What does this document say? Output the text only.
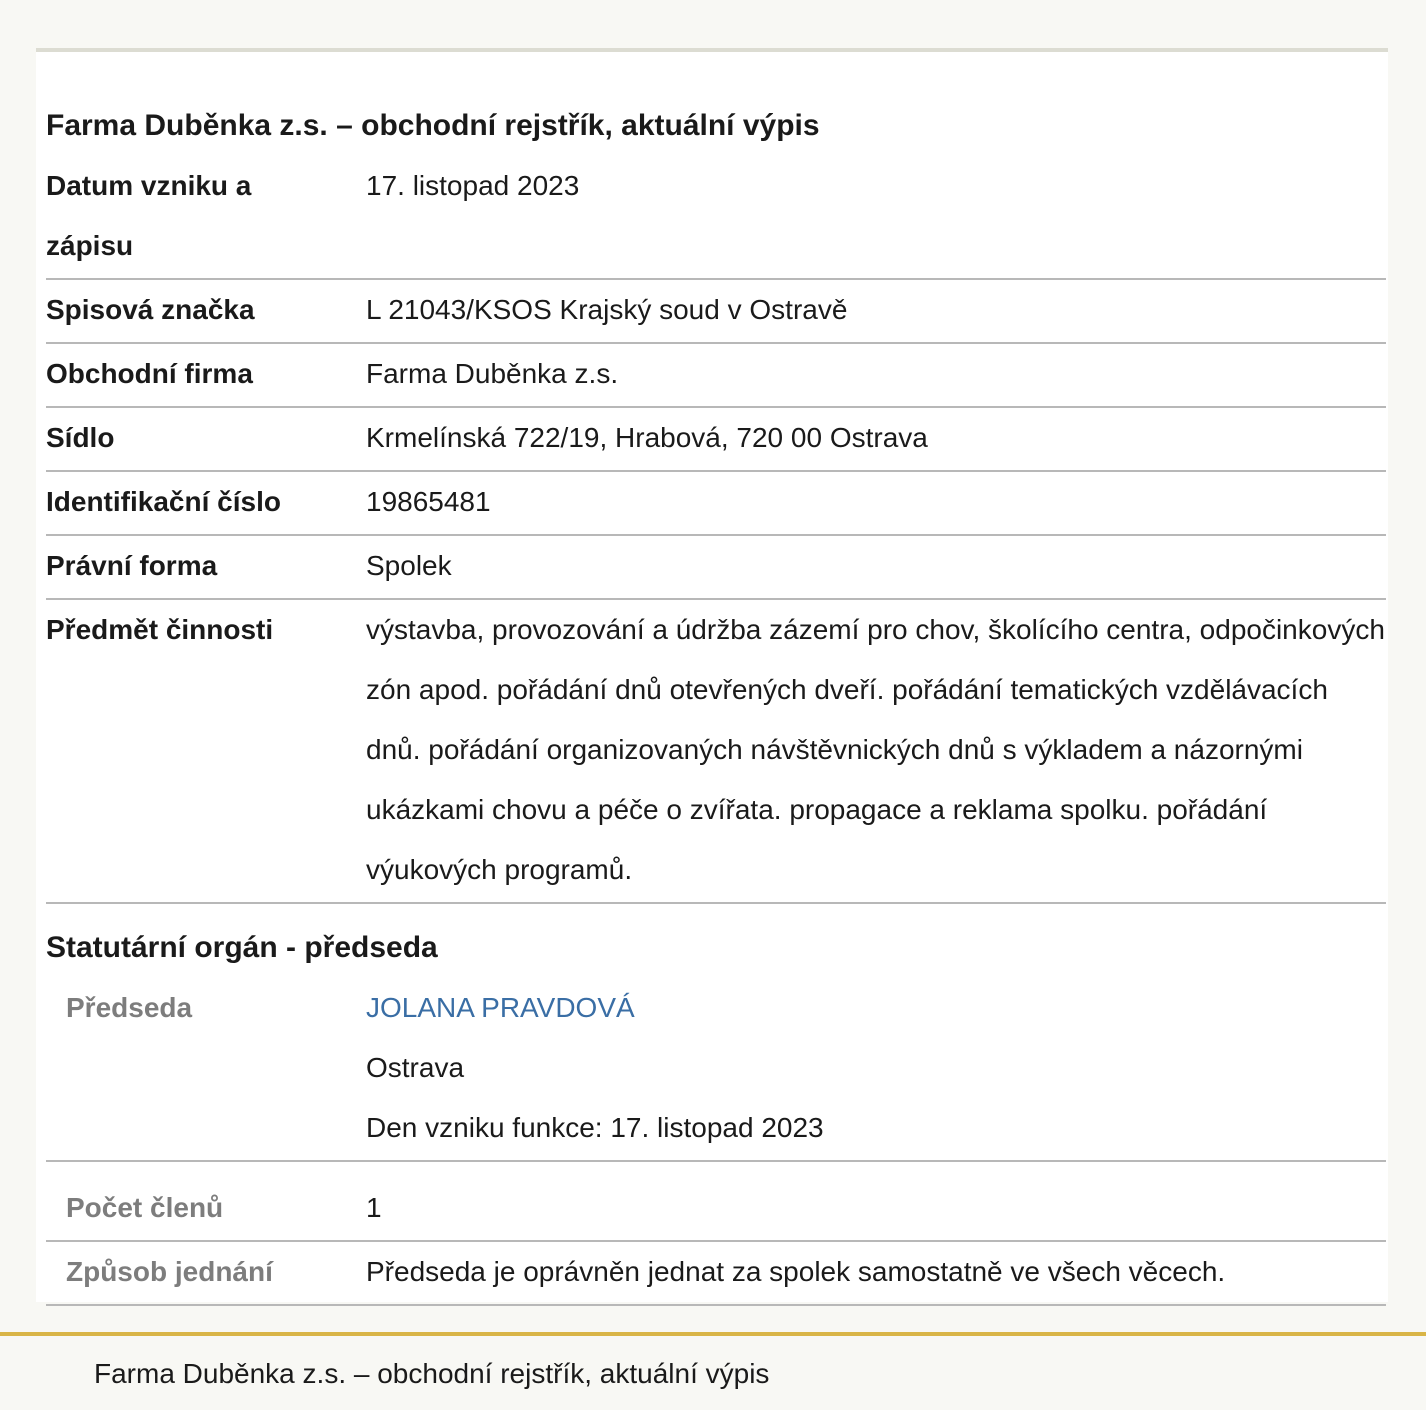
Farma Duběnka z.s. – obchodní rejstřík, aktuální výpis
Datum vzniku a zápisu	17. listopad 2023
Spisová značka	L 21043/KSOS Krajský soud v Ostravě
Obchodní firma	Farma Duběnka z.s.
Sídlo	Krmelínská 722/19, Hrabová, 720 00 Ostrava
Identifikační číslo	19865481
Právní forma	Spolek
Předmět činnosti	výstavba, provozování a údržba zázemí pro chov, školícího centra, odpočinkových zón apod. pořádání dnů otevřených dveří. pořádání tematických vzdělávacích dnů. pořádání organizovaných návštěvnických dnů s výkladem a názornými ukázkami chovu a péče o zvířata. propagace a reklama spolku. pořádání výukových programů.
Statutární orgán - předseda	
Předseda	JOLANA PRAVDOVÁ
Ostrava
Den vzniku funkce: 17. listopad 2023

Počet členů	1
Způsob jednání	Předseda je oprávněn jednat za spolek samostatně ve všech věcech.
Farma Duběnka z.s. – obchodní rejstřík, aktuální výpis
